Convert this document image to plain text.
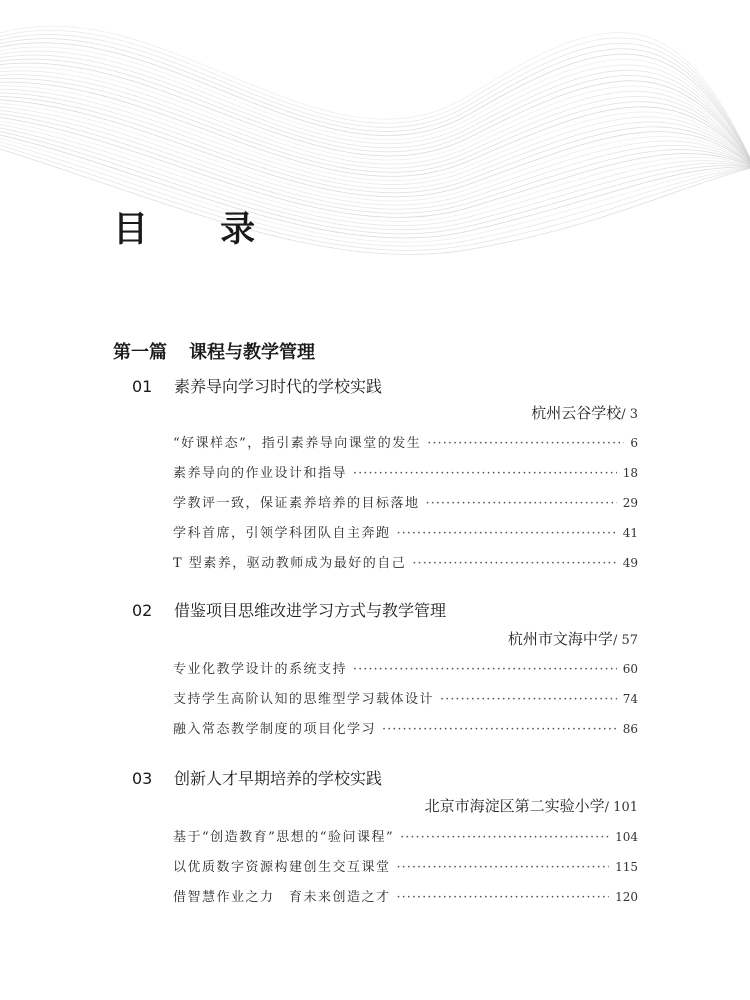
目 录
第一篇 课程与教学管理
01 素养导向学习时代的学校实践
杭州云谷学校/ 3
“好课样态”，指引素养导向课堂的发生 ·····	6
素养导向的作业设计和指导 ·····	18
学教评一致，保证素养培养的目标落地 ·····	29
学科首席，引领学科团队自主奔跑 ·····	41
T 型素养，驱动教师成为最好的自己 ·····	49
02 借鉴项目思维改进学习方式与教学管理
杭州市文海中学/ 57
专业化教学设计的系统支持 ·····	60
支持学生高阶认知的思维型学习载体设计 ·····	74
融入常态教学制度的项目化学习 ·····	86
03 创新人才早期培养的学校实践
北京市海淀区第二实验小学/ 101
基于“创造教育”思想的“验问课程” ·····	104
以优质数字资源构建创生交互课堂 ·····	115
借智慧作业之力　育未来创造之才 ·····	120
